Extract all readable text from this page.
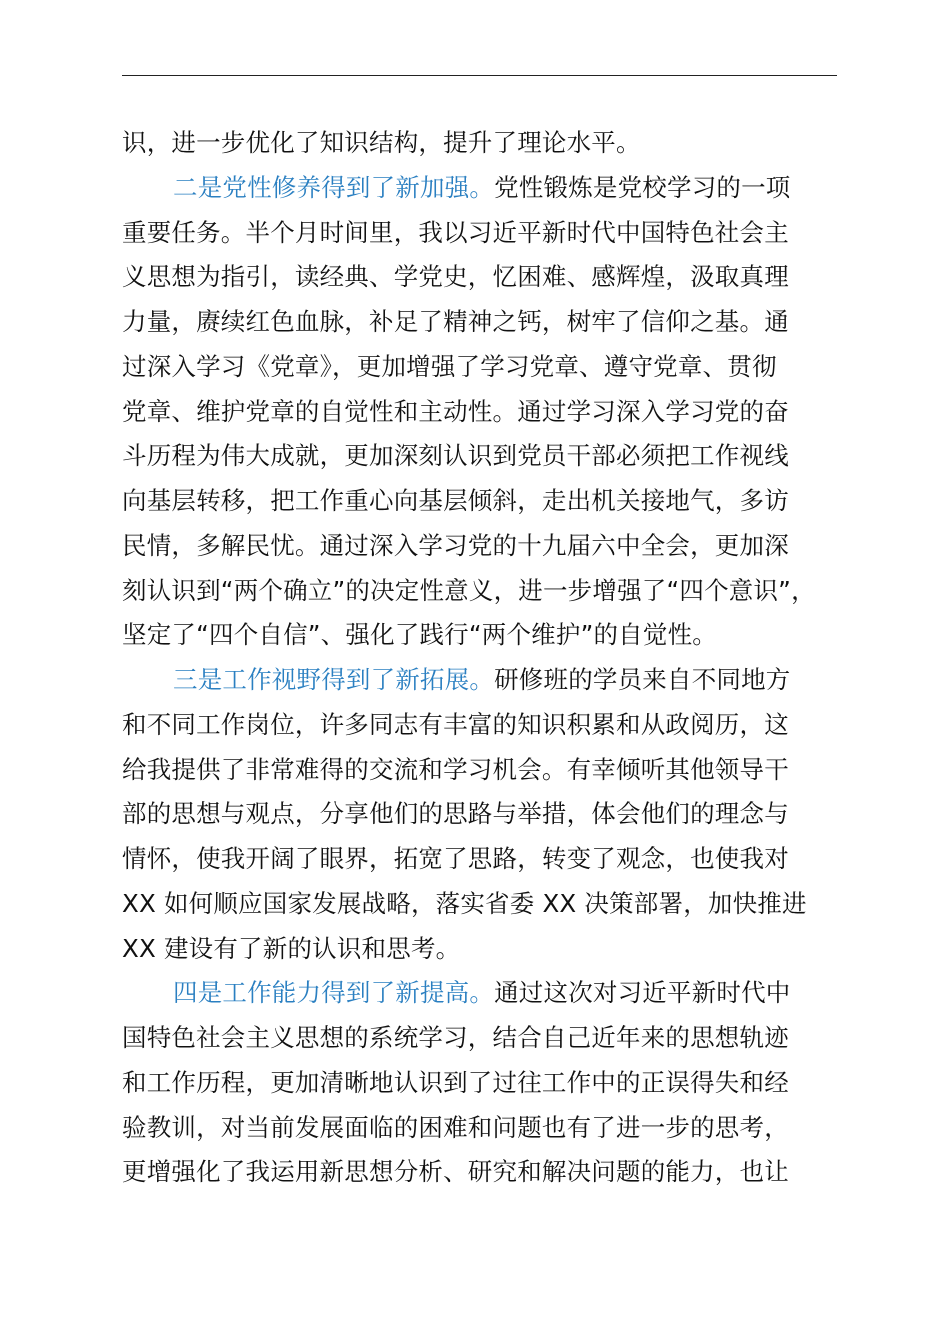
识，进一步优化了知识结构，提升了理论水平。
二是党性修养得到了新加强。党性锻炼是党校学习的一项
重要任务。半个月时间里，我以习近平新时代中国特色社会主
义思想为指引，读经典、学党史，忆困难、感辉煌，汲取真理
力量，赓续红色血脉，补足了精神之钙，树牢了信仰之基。通
过深入学习《党章》，更加增强了学习党章、遵守党章、贯彻
党章、维护党章的自觉性和主动性。通过学习深入学习党的奋
斗历程为伟大成就，更加深刻认识到党员干部必须把工作视线
向基层转移，把工作重心向基层倾斜，走出机关接地气，多访
民情，多解民忧。通过深入学习党的十九届六中全会，更加深
刻认识到“两个确立”的决定性意义，进一步增强了“四个意识”，
坚定了“四个自信”、强化了践行“两个维护”的自觉性。
三是工作视野得到了新拓展。研修班的学员来自不同地方
和不同工作岗位，许多同志有丰富的知识积累和从政阅历，这
给我提供了非常难得的交流和学习机会。有幸倾听其他领导干
部的思想与观点，分享他们的思路与举措，体会他们的理念与
情怀，使我开阔了眼界，拓宽了思路，转变了观念，也使我对
XX 如何顺应国家发展战略，落实省委 XX 决策部署，加快推进
XX 建设有了新的认识和思考。
四是工作能力得到了新提高。通过这次对习近平新时代中
国特色社会主义思想的系统学习，结合自己近年来的思想轨迹
和工作历程，更加清晰地认识到了过往工作中的正误得失和经
验教训，对当前发展面临的困难和问题也有了进一步的思考，
更增强化了我运用新思想分析、研究和解决问题的能力，也让
